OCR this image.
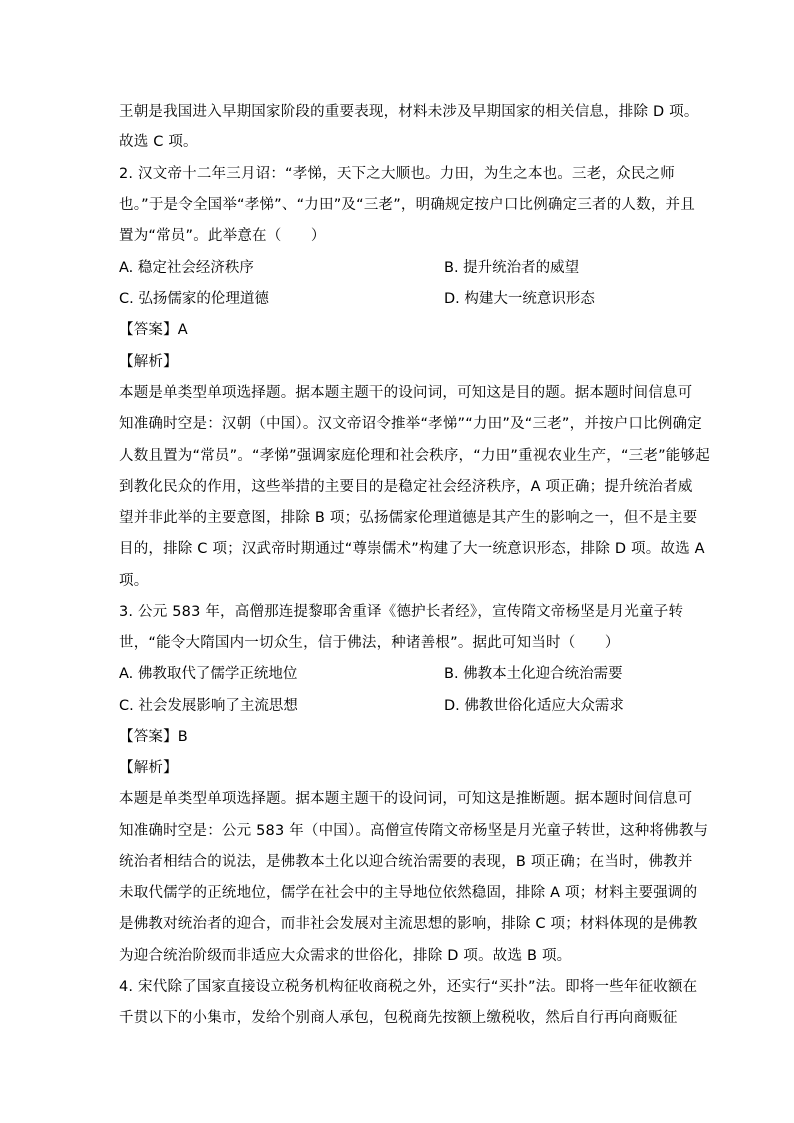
王朝是我国进入早期国家阶段的重要表现，材料未涉及早期国家的相关信息，排除 D 项。
故选 C 项。
2. 汉文帝十二年三月诏：“孝悌，天下之大顺也。力田，为生之本也。三老，众民之师
也。”于是令全国举“孝悌”、“力田”及“三老”，明确规定按户口比例确定三者的人数，并且
置为“常员”。此举意在（　　）
A. 稳定社会经济秩序	B. 提升统治者的威望
C. 弘扬儒家的伦理道德	D. 构建大一统意识形态
【答案】A
【解析】
本题是单类型单项选择题。据本题主题干的设问词，可知这是目的题。据本题时间信息可
知准确时空是：汉朝（中国）。汉文帝诏令推举“孝悌”“力田”及“三老”，并按户口比例确定
人数且置为“常员”。“孝悌”强调家庭伦理和社会秩序，“力田”重视农业生产，“三老”能够起
到教化民众的作用，这些举措的主要目的是稳定社会经济秩序，A 项正确；提升统治者威
望并非此举的主要意图，排除 B 项；弘扬儒家伦理道德是其产生的影响之一，但不是主要
目的，排除 C 项；汉武帝时期通过“尊崇儒术”构建了大一统意识形态，排除 D 项。故选 A
项。
3. 公元 583 年，高僧那连提黎耶舍重译《德护长者经》，宣传隋文帝杨坚是月光童子转
世，“能令大隋国内一切众生，信于佛法，种诸善根”。据此可知当时（　　）
A. 佛教取代了儒学正统地位	B. 佛教本土化迎合统治需要
C. 社会发展影响了主流思想	D. 佛教世俗化适应大众需求
【答案】B
【解析】
本题是单类型单项选择题。据本题主题干的设问词，可知这是推断题。据本题时间信息可
知准确时空是：公元 583 年（中国）。高僧宣传隋文帝杨坚是月光童子转世，这种将佛教与
统治者相结合的说法，是佛教本土化以迎合统治需要的表现，B 项正确；在当时，佛教并
未取代儒学的正统地位，儒学在社会中的主导地位依然稳固，排除 A 项；材料主要强调的
是佛教对统治者的迎合，而非社会发展对主流思想的影响，排除 C 项；材料体现的是佛教
为迎合统治阶级而非适应大众需求的世俗化，排除 D 项。故选 B 项。
4. 宋代除了国家直接设立税务机构征收商税之外，还实行“买扑”法。即将一些年征收额在
千贯以下的小集市，发给个别商人承包，包税商先按额上缴税收，然后自行再向商贩征
